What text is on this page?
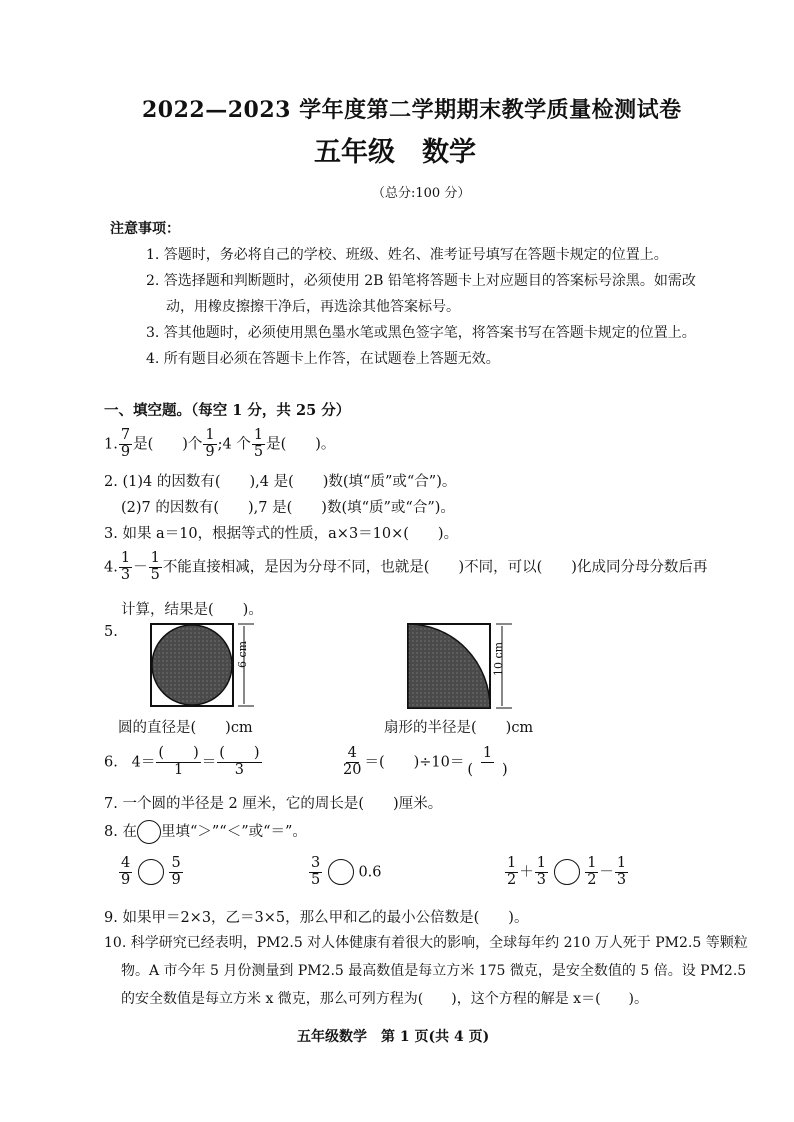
2022—2023 学年度第二学期期末教学质量检测试卷
五年级　数学
（总分:100 分）
注意事项：
1. 答题时，务必将自己的学校、班级、姓名、准考证号填写在答题卡规定的位置上。
2. 答选择题和判断题时，必须使用 2B 铅笔将答题卡上对应题目的答案标号涂黑。如需改
动，用橡皮擦擦干净后，再选涂其他答案标号。
3. 答其他题时，必须使用黑色墨水笔或黑色签字笔，将答案书写在答题卡规定的位置上。
4. 所有题目必须在答题卡上作答，在试题卷上答题无效。
一、填空题。（每空 1 分，共 25 分）
1. $\frac{7}{9}$ 是(　　)个 $\frac{1}{9}$ ;4 个 $\frac{1}{5}$ 是(　　)。
2. (1)4 的因数有(　　),4 是(　　)数(填“质”或“合”)。
(2)7 的因数有(　　),7 是(　　)数(填“质”或“合”)。
3. 如果 a＝10，根据等式的性质，a×3＝10×(　　)。
4. $\frac{1}{3} - \frac{1}{5}$ 不能直接相减，是因为分母不同，也就是(　　)不同，可以(　　)化成同分母分数后再
计算，结果是(　　)。
5.
6 cm	10 cm
圆的直径是(　　)cm	扇形的半径是(　　)cm
6. $4= \frac{( )}{1} = \frac{( )}{3}$	$\frac{4}{20}$ ＝(　　)$\div 10= \frac{1}{( )}$
7. 一个圆的半径是 2 厘米，它的周长是(　　)厘米。
8. 在 里填“＞”“＜”或“＝”。
$\frac{4}{9}$
	$\frac{5}{9}$	$\frac{3}{5} 0.6$	$\frac{1}{2} + \frac{1}{3}$
	$\frac{1}{2} - \frac{1}{3}$
9. 如果甲＝2×3，乙＝3×5，那么甲和乙的最小公倍数是(　　)。
10. 科学研究已经表明，PM2.5 对人体健康有着很大的影响，全球每年约 210 万人死于 PM2.5 等颗粒
物。A 市今年 5 月份测量到 PM2.5 最高数值是每立方米 175 微克，是安全数值的 5 倍。设 PM2.5
的安全数值是每立方米 x 微克，那么可列方程为(　　)，这个方程的解是 x＝(　　)。
五年级数学　第 1 页(共 4 页)
